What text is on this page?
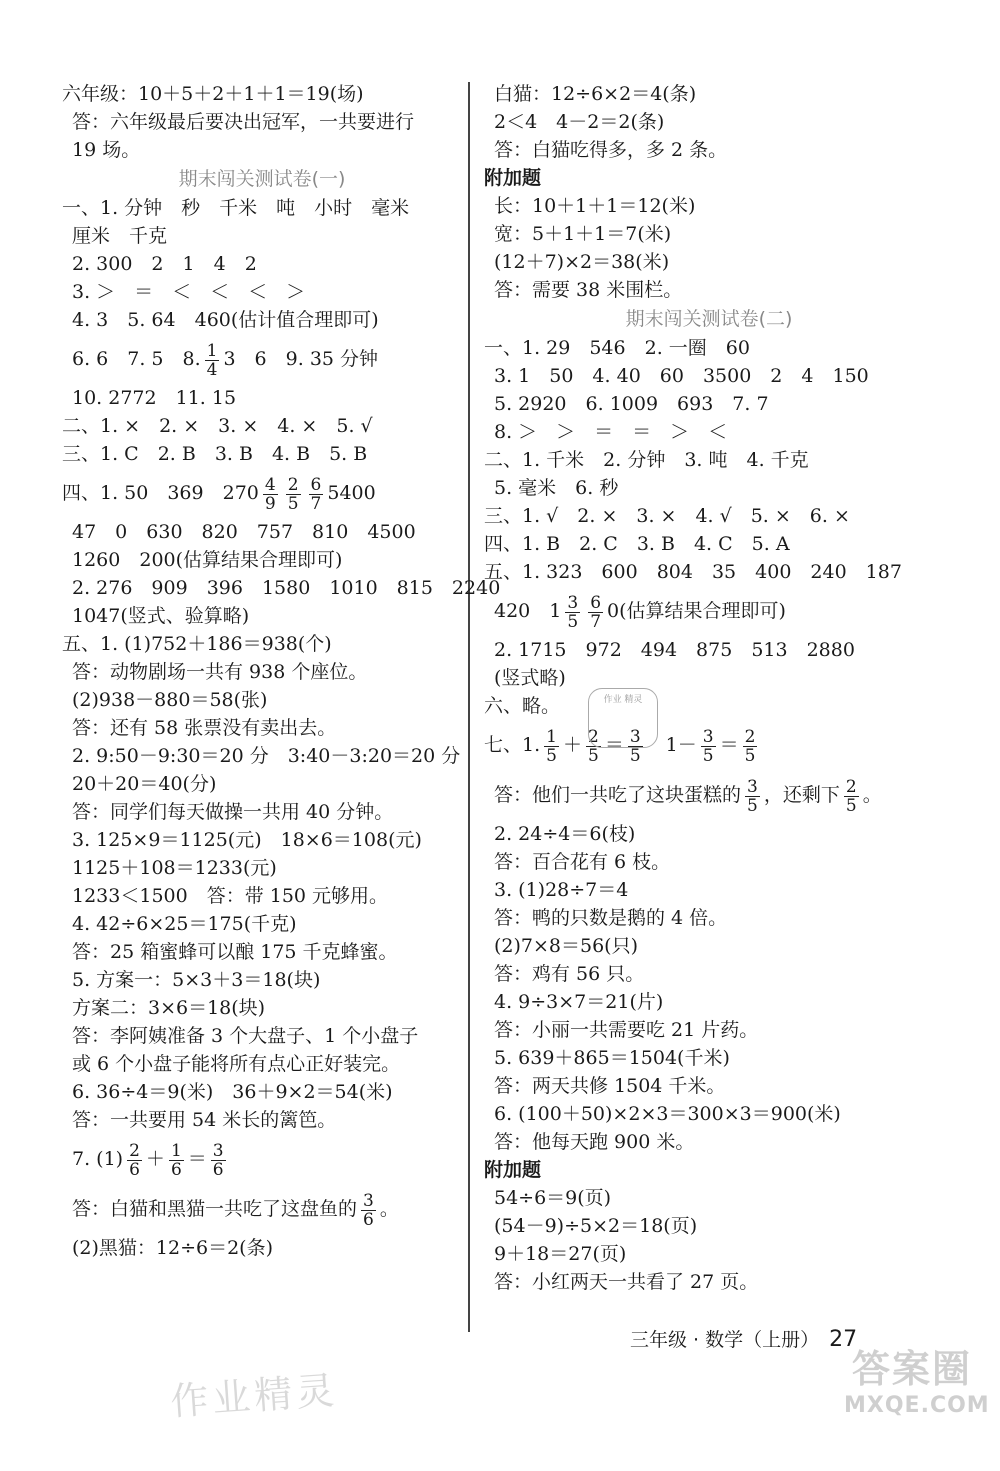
六年级：10＋5＋2＋1＋1＝19(场)
答：六年级最后要决出冠军，一共要进行
19 场。
期末闯关测试卷(一)
一、1. 分钟　秒　千米　吨　小时　毫米
厘米　千克
2. 300　2　1　4　2
3. ＞　＝　＜　＜　＜　＞
4. 3　5. 64　460(估计值合理即可)
6. 6　7. 5　8. $\frac{1}{4} 3$　6　9. 35 分钟
10. 2772　11. 15
二、1. ×　2. ×　3. ×　4. ×　5. √
三、1. C　2. B　3. B　4. B　5. B
四、1. 50　369　$270 \frac{4}{9} \frac{2}{5} \frac{6}{7} 5400$
47　0　630　820　757　810　4500
1260　200(估算结果合理即可)
2. 276　909　396　1580　1010　815　2240
1047(竖式、验算略)
五、1. (1)752＋186＝938(个)
答：动物剧场一共有 938 个座位。
(2)938－880＝58(张)
答：还有 58 张票没有卖出去。
2. 9:50－9:30＝20 分　3:40－3:20＝20 分
20＋20＝40(分)
答：同学们每天做操一共用 40 分钟。
3. 125×9＝1125(元)　18×6＝108(元)
1125＋108＝1233(元)
1233＜1500　答：带 150 元够用。
4. 42÷6×25＝175(千克)
答：25 箱蜜蜂可以酿 175 千克蜂蜜。
5. 方案一：5×3＋3＝18(块)
方案二：3×6＝18(块)
答：李阿姨准备 3 个大盘子、1 个小盘子
或 6 个小盘子能将所有点心正好装完。
6. 36÷4＝9(米)　36＋9×2＝54(米)
答：一共要用 54 米长的篱笆。
7. $(1) \frac{2}{6} + \frac{1}{6} = \frac{3}{6}$
答：白猫和黑猫一共吃了这盘鱼的 $\frac{3}{6}$ 。
(2)黑猫：12÷6＝2(条)
白猫：12÷6×2＝4(条)
2＜4　4－2＝2(条)
答：白猫吃得多，多 2 条。
附加题
长：10＋1＋1＝12(米)
宽：5＋1＋1＝7(米)
(12＋7)×2＝38(米)
答：需要 38 米围栏。
期末闯关测试卷(二)
一、1. 29　546　2. 一圈　60
3. 1　50　4. 40　60　3500　2　4　150
5. 2920　6. 1009　693　7. 7
8. ＞　＞　＝　＝　＞　＜
二、1. 千米　2. 分钟　3. 吨　4. 千克
5. 毫米　6. 秒
三、1. √　2. ×　3. ×　4. √　5. ×　6. ×
四、1. B　2. C　3. B　4. C　5. A
五、1. 323　600　804　35　400　240　187
420　$1 \frac{3}{5} \frac{6}{7} 0$(估算结果合理即可)
2. 1715　972　494　875　513　2880
(竖式略)
六、略。
七、1. $\frac{1}{5} + \frac{2}{5} = \frac{3}{5}$
　 $1- \frac{3}{5} = \frac{2}{5}$
答：他们一共吃了这块蛋糕的 $\frac{3}{5}$ ，还剩下 $\frac{2}{5}$ 。
2. 24÷4＝6(枝)
答：百合花有 6 枝。
3. (1)28÷7＝4
答：鸭的只数是鹅的 4 倍。
(2)7×8＝56(只)
答：鸡有 56 只。
4. 9÷3×7＝21(片)
答：小丽一共需要吃 21 片药。
5. 639＋865＝1504(千米)
答：两天共修 1504 千米。
6. (100＋50)×2×3＝300×3＝900(米)
答：他每天跑 900 米。
附加题
54÷6＝9(页)
(54－9)÷5×2＝18(页)
9＋18＝27(页)
答：小红两天一共看了 27 页。
作业 精灵
三年级 · 数学（上册） 27
作业精灵	答案圈
MXQE.COM
